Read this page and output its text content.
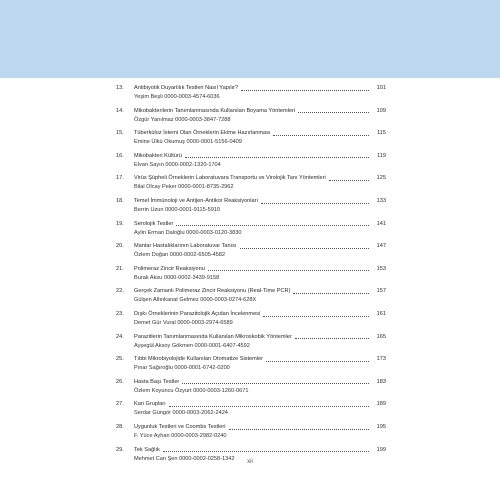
13.	Antibiyotik Duyarlılık Testleri Nasıl Yapılır?	101
Yeşim Beşli 0000-0003-4574-6036
14.	Mikobakterilerin Tanımlanmasında Kullanılan Boyama Yöntemleri	109
Özgür Yanılmaz 0000-0003-3847-7288
15.	Tüberküloz İstemi Olan Örneklerin Ekime Hazırlanması	115
Emine Ülkü Okumuş 0000-0001-5156-0409
16.	Mikobakteri Kültürü	119
Elvan Sayın 0000-0002-1320-1704
17.	Virüs Şüpheli Örneklerin Laboratuvara Transportu ve Virolojik Tanı Yöntemleri	125
Bilal Olcay Peker 0000-0001-8735-2962
18.	Temel İmmünoloji ve Antijen-Antikor Reaksiyonları	133
Berrin Uzun 0000-0001-9115-5910
19.	Serolojik Testler	141
Aylin Erman Daloğlu 0000-0003-0120-3830
20.	Mantar Hastalıklarının Laboratuvar Tanısı	147
Özlem Doğan 0000-0002-6505-4582
21.	Polimeraz Zincir Reaksiyonu	153
Burak Aksu 0000-0002-3439-9158
22.	Gerçek Zamanlı Polimeraz Zincir Reaksiyonu (Real-Time PCR)	157
Gülşen Altınkanat Gelmez 0000-0003-0274-628X
23.	Dışkı Örneklerinin Parazitolojik Açıdan İncelenmesi	161
Demet Gür Vural 0000-0003-2974-6589
24.	Parazitlerin Tanımlanmasında Kullanılan Mikroskobik Yöntemler	165
Ayşegül Aksoy Gökmen 0000-0001-6407-4592
25.	Tıbbi Mikrobiyolojide Kullanılan Otomatize Sistemler	173
Pınar Sağıroğlu 0000-0001-6742-0200
26.	Hasta Başı Testler	183
Özlem Koyuncu Özyurt 0000-0003-1260-0671
27.	Kan Grupları	189
Serdar Güngör 0000-0003-2062-2424
28.	Uygunluk Testleri ve Coombs Testleri	195
F. Yüce Ayhan 0000-0003-2982-0240
29.	Tek Sağlık	199
Mehmet Can Şen 0000-0002-0258-1342
xii
